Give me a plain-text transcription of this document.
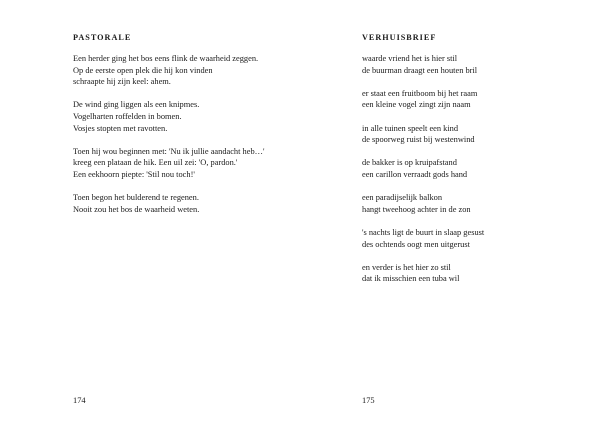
PASTORALE

Een herder ging het bos eens flink de waarheid zeggen.
Op de eerste open plek die hij kon vinden
schraapte hij zijn keel: ahem.

De wind ging liggen als een knipmes.
Vogelharten roffelden in bomen.
Vosjes stopten met ravotten.

Toen hij wou beginnen met: 'Nu ik jullie aandacht heb…'
kreeg een plataan de hik. Een uil zei: 'O, pardon.'
Een eekhoorn piepte: 'Stil nou toch!'

Toen begon het bulderend te regenen.
Nooit zou het bos de waarheid weten.

174
VERHUISBRIEF

waarde vriend het is hier stil
de buurman draagt een houten bril

er staat een fruitboom bij het raam
een kleine vogel zingt zijn naam

in alle tuinen speelt een kind
de spoorweg ruist bij westenwind

de bakker is op kruipafstand
een carillon verraadt gods hand

een paradijselijk balkon
hangt tweehoog achter in de zon

's nachts ligt de buurt in slaap gesust
des ochtends oogt men uitgerust

en verder is het hier zo stil
dat ik misschien een tuba wil

175
